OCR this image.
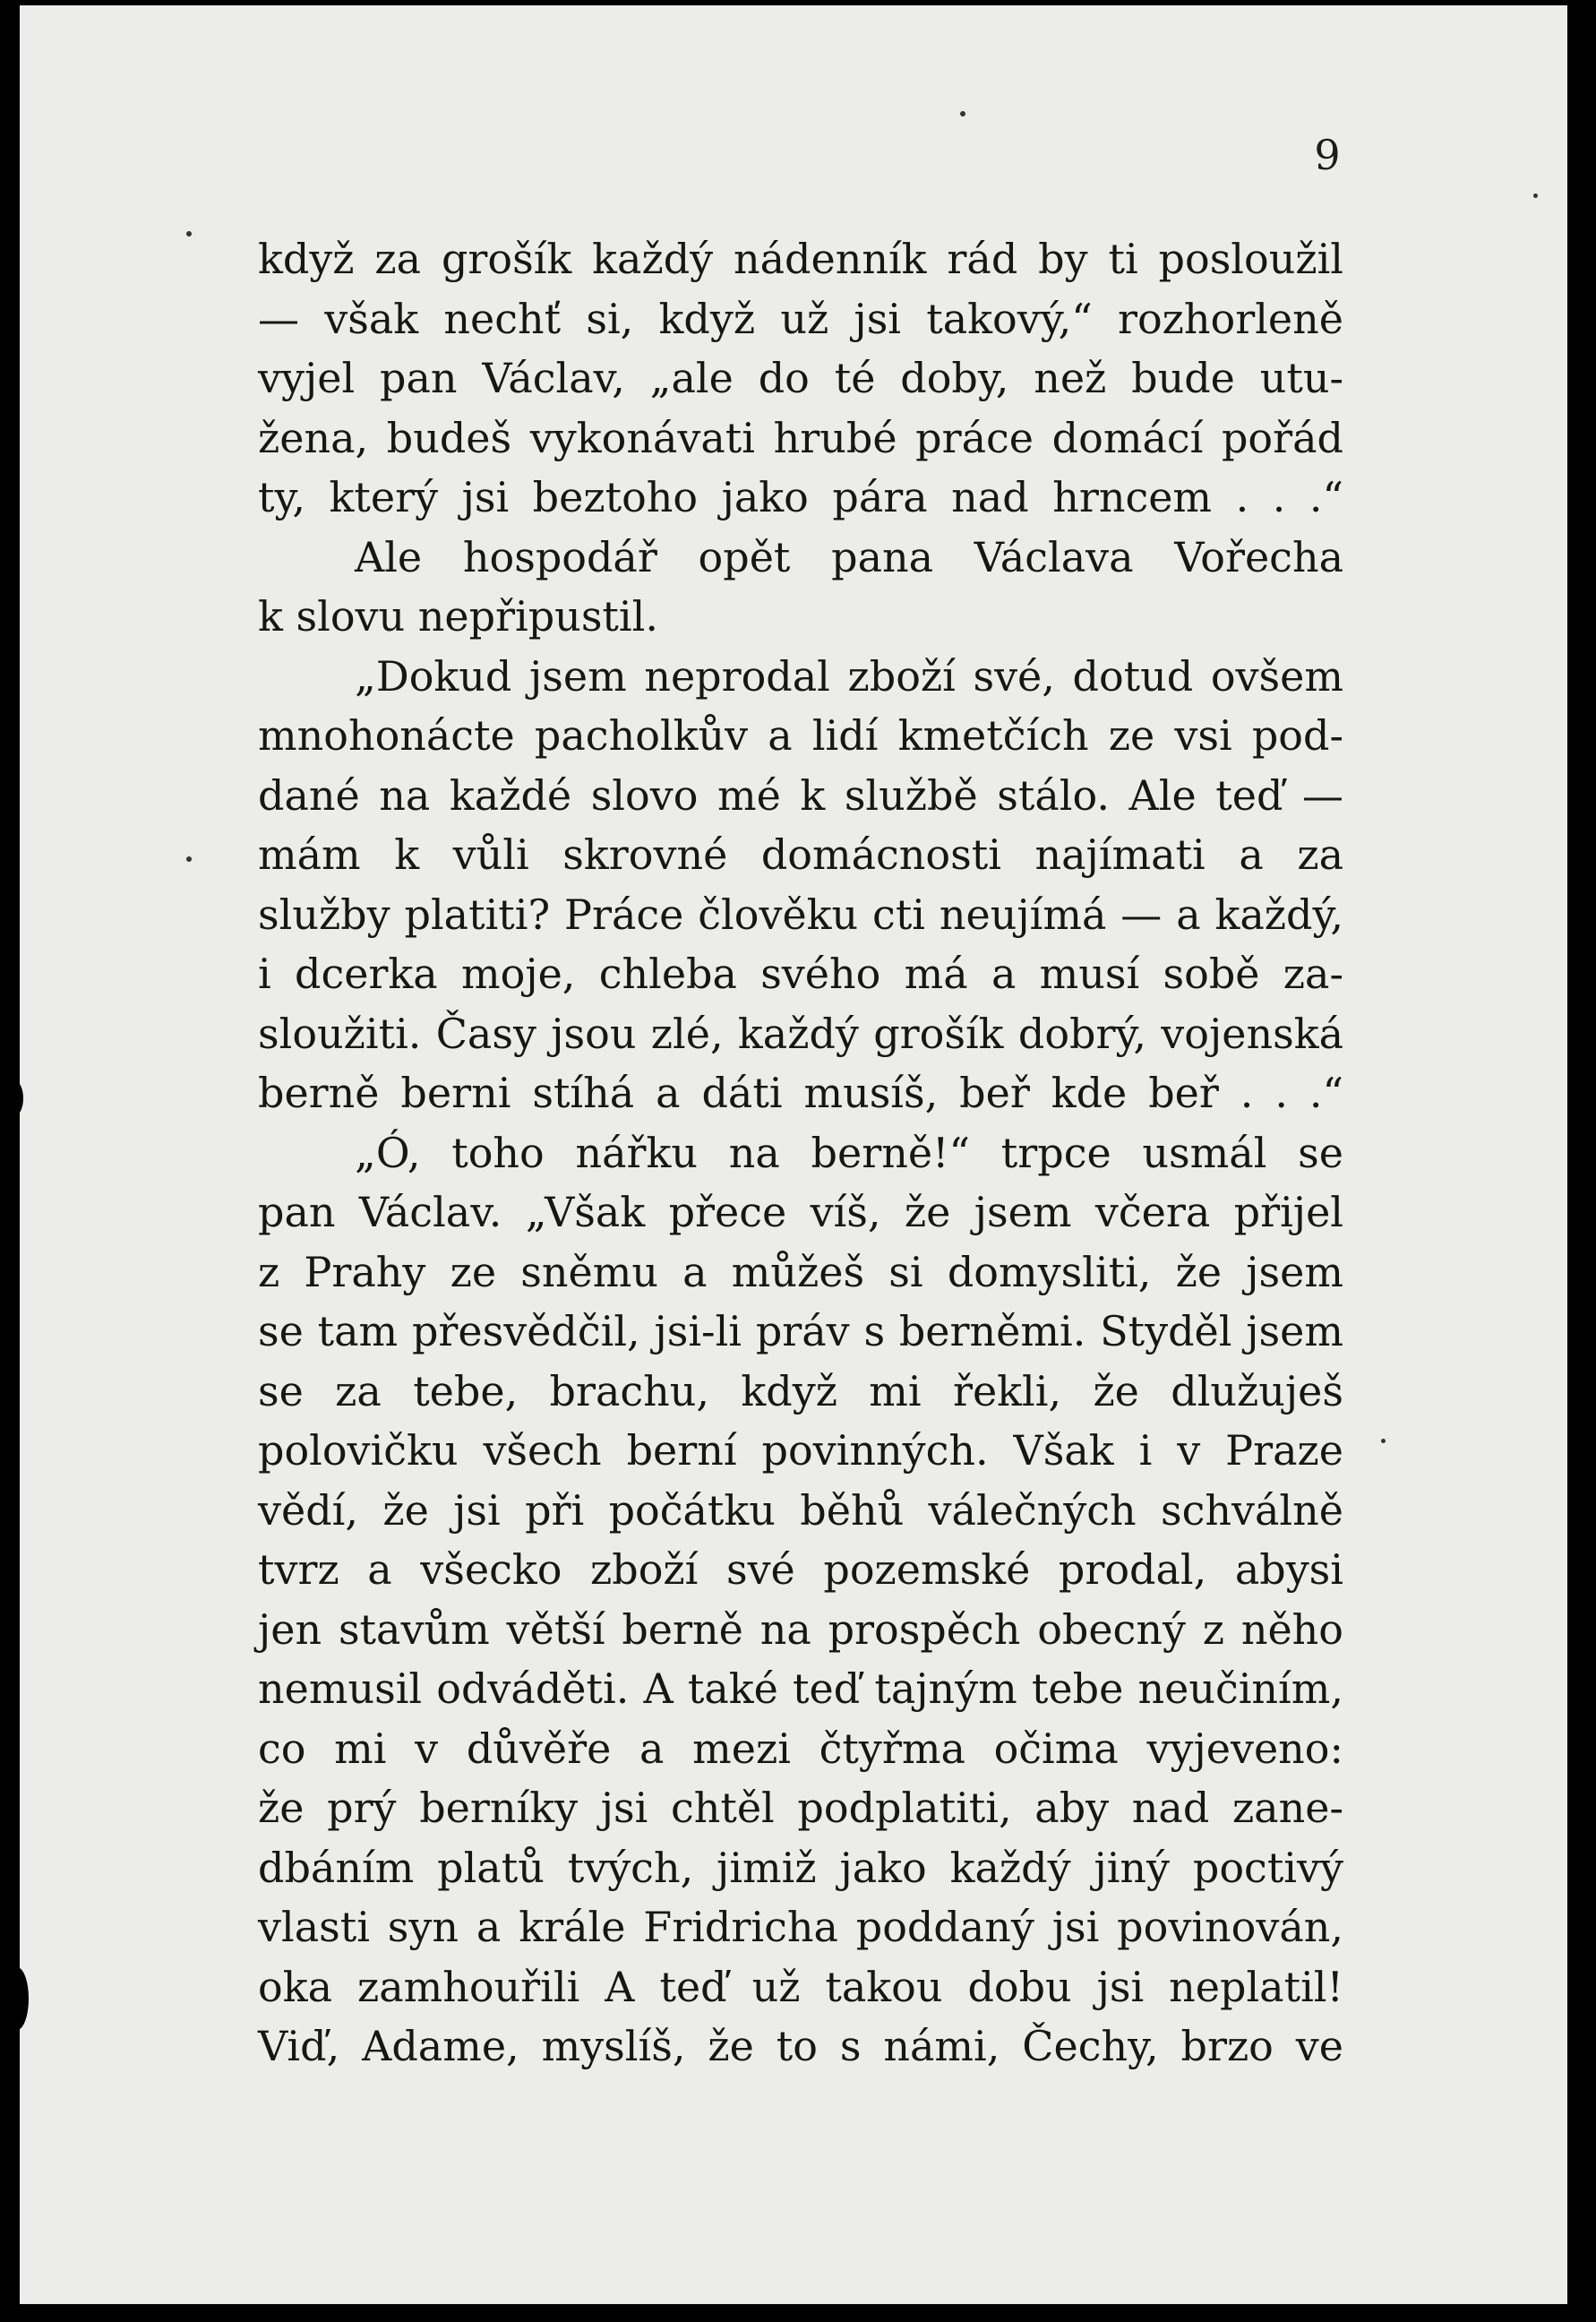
9
když za grošík každý nádenník rád by ti posloužil
— však nechť si, když už jsi takový,“ rozhorleně
vyjel pan Václav, „ale do té doby, než bude utu-
žena, budeš vykonávati hrubé práce domácí pořád
ty, který jsi beztoho jako pára nad hrncem . . .“
Ale hospodář opět pana Václava Vořecha
k slovu nepřipustil.
„Dokud jsem neprodal zboží své, dotud ovšem
mnohonácte pacholkův a lidí kmetčích ze vsi pod-
dané na každé slovo mé k službě stálo. Ale teď —
mám k vůli skrovné domácnosti najímati a za
služby platiti? Práce člověku cti neujímá — a každý,
i dcerka moje, chleba svého má a musí sobě za-
sloužiti. Časy jsou zlé, každý grošík dobrý, vojenská
berně berni stíhá a dáti musíš, beř kde beř . . .“
„Ó, toho nářku na berně!“ trpce usmál se
pan Václav. „Však přece víš, že jsem včera přijel
z Prahy ze sněmu a můžeš si domysliti, že jsem
se tam přesvědčil, jsi-li práv s berněmi. Styděl jsem
se za tebe, brachu, když mi řekli, že dlužuješ
polovičku všech berní povinných. Však i v Praze
vědí, že jsi při počátku běhů válečných schválně
tvrz a všecko zboží své pozemské prodal, abysi
jen stavům větší berně na prospěch obecný z něho
nemusil odváděti. A také teď tajným tebe neučiním,
co mi v důvěře a mezi čtyřma očima vyjeveno:
že prý berníky jsi chtěl podplatiti, aby nad zane-
dbáním platů tvých, jimiž jako každý jiný poctivý
vlasti syn a krále Fridricha poddaný jsi povinován,
oka zamhouřili A teď už takou dobu jsi neplatil!
Viď, Adame, myslíš, že to s námi, Čechy, brzo ve
